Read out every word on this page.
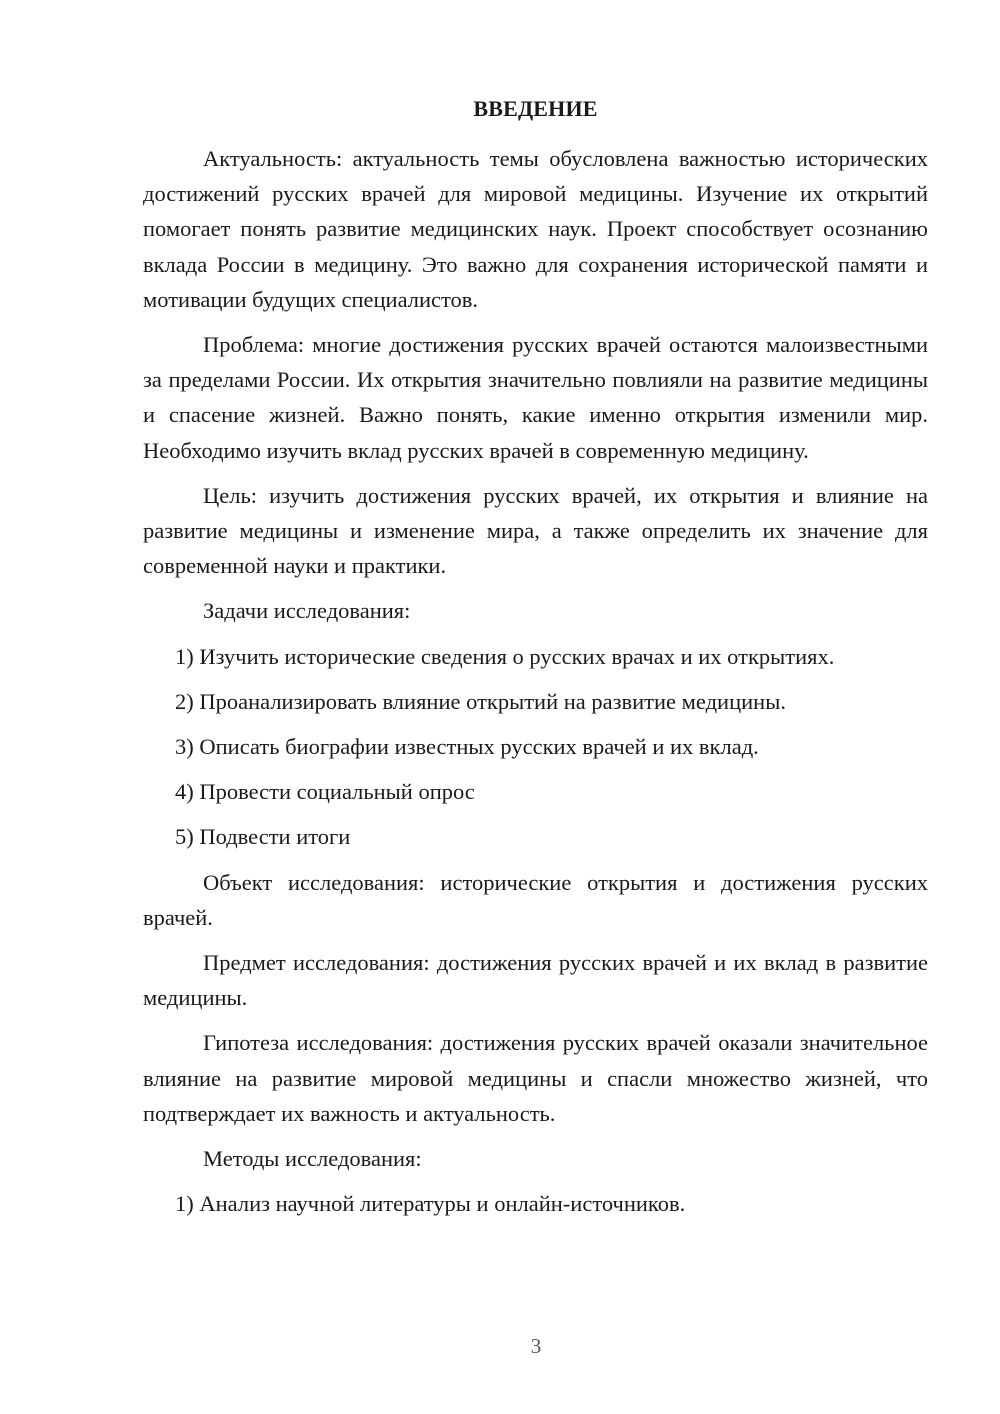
ВВЕДЕНИЕ

Актуальность: актуальность темы обусловлена важностью исторических достижений русских врачей для мировой медицины. Изучение их открытий помогает понять развитие медицинских наук. Проект способствует осознанию вклада России в медицину. Это важно для сохранения исторической памяти и мотивации будущих специалистов.

Проблема: многие достижения русских врачей остаются малоизвестными за пределами России. Их открытия значительно повлияли на развитие медицины и спасение жизней. Важно понять, какие именно открытия изменили мир. Необходимо изучить вклад русских врачей в современную медицину.

Цель: изучить достижения русских врачей, их открытия и влияние на развитие медицины и изменение мира, а также определить их значение для современной науки и практики.

Задачи исследования:

1) Изучить исторические сведения о русских врачах и их открытиях.
2) Проанализировать влияние открытий на развитие медицины.
3) Описать биографии известных русских врачей и их вклад.
4) Провести социальный опрос
5) Подвести итоги

Объект исследования: исторические открытия и достижения русских врачей.

Предмет исследования: достижения русских врачей и их вклад в развитие медицины.

Гипотеза исследования: достижения русских врачей оказали значительное влияние на развитие мировой медицины и спасли множество жизней, что подтверждает их важность и актуальность.

Методы исследования:

1) Анализ научной литературы и онлайн-источников.
3
